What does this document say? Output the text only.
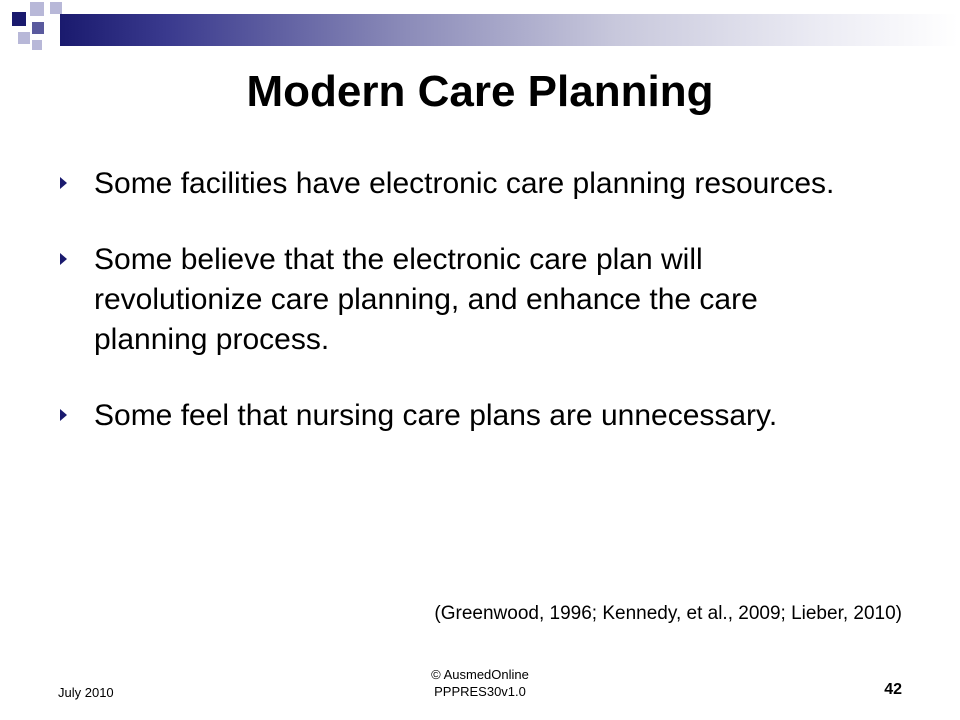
Modern Care Planning
Some facilities have electronic care planning resources.
Some believe that the electronic care plan will revolutionize care planning, and enhance the care planning process.
Some feel that nursing care plans are unnecessary.
(Greenwood, 1996; Kennedy, et al., 2009; Lieber, 2010)
July 2010
© AusmedOnline
PPPRES30v1.0	42
